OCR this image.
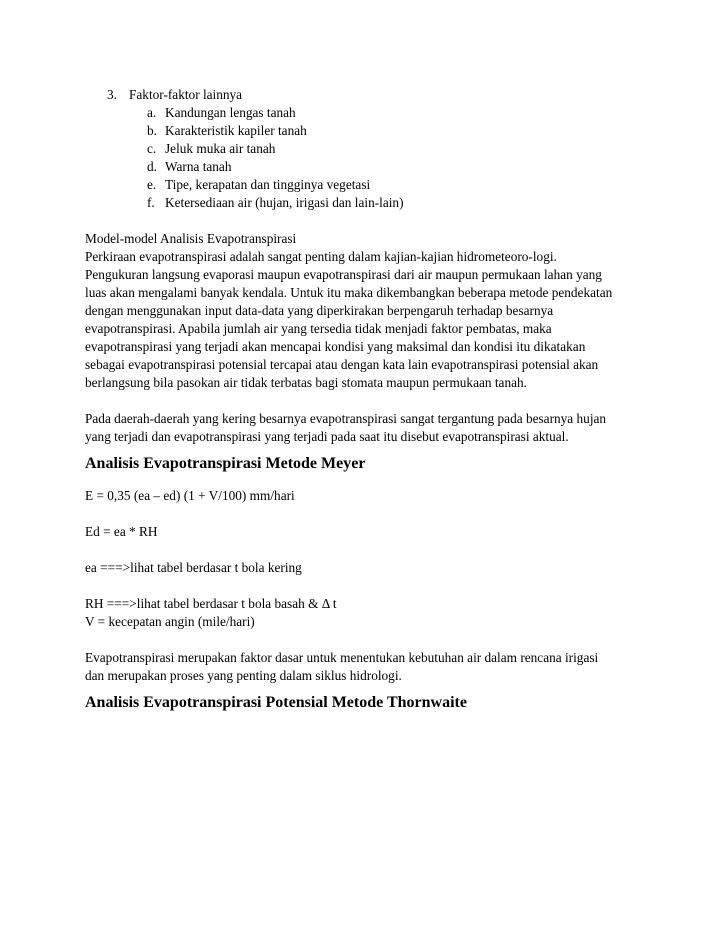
3. Faktor-faktor lainnya
a. Kandungan lengas tanah
b. Karakteristik kapiler tanah
c. Jeluk muka air tanah
d. Warna tanah
e. Tipe, kerapatan dan tingginya vegetasi
f. Ketersediaan air (hujan, irigasi dan lain-lain)
Model-model Analisis Evapotranspirasi
Perkiraan evapotranspirasi adalah sangat penting dalam kajian-kajian hidrometeoro-logi.
Pengukuran langsung evaporasi maupun evapotranspirasi dari air maupun permukaan lahan yang
luas akan mengalami banyak kendala. Untuk itu maka dikembangkan beberapa metode pendekatan
dengan menggunakan input data-data yang diperkirakan berpengaruh terhadap besarnya
evapotranspirasi. Apabila jumlah air yang tersedia tidak menjadi faktor pembatas, maka
evapotranspirasi yang terjadi akan mencapai kondisi yang maksimal dan kondisi itu dikatakan
sebagai evapotranspirasi potensial tercapai atau dengan kata lain evapotranspirasi potensial akan
berlangsung bila pasokan air tidak terbatas bagi stomata maupun permukaan tanah.
Pada daerah-daerah yang kering besarnya evapotranspirasi sangat tergantung pada besarnya hujan
yang terjadi dan evapotranspirasi yang terjadi pada saat itu disebut evapotranspirasi aktual.
Analisis Evapotranspirasi Metode Meyer
E = 0,35 (ea – ed) (1 + V/100) mm/hari
Ed = ea * RH
ea ===>lihat tabel berdasar t bola kering
RH ===>lihat tabel berdasar t bola basah & Δ t
V = kecepatan angin (mile/hari)
Evapotranspirasi merupakan faktor dasar untuk menentukan kebutuhan air dalam rencana irigasi
dan merupakan proses yang penting dalam siklus hidrologi.
Analisis Evapotranspirasi Potensial Metode Thornwaite
